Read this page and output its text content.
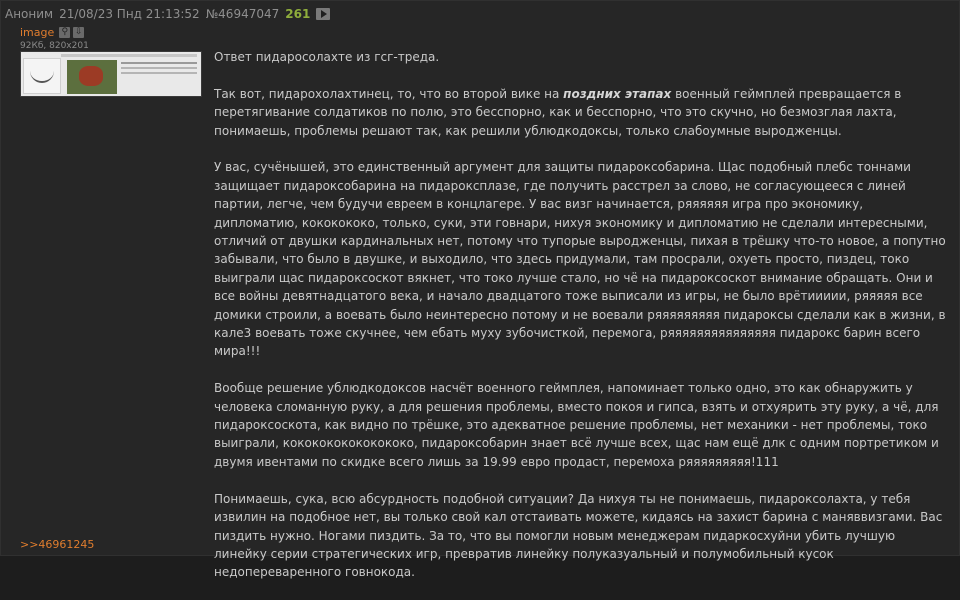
Аноним 21/08/23 Пнд 21:13:52 №46947047 261
image ⚲ ⇩
92Кб, 820x201

Ответ пидаросолахте из гсг-треда.

Так вот, пидарохолахтинец, то, что во второй вике на поздних этапах военный геймплей превращается в перетягивание солдатиков по полю, это бесспорно, как и бесспорно, что это скучно, но безмозглая лахта, понимаешь, проблемы решают так, как решили ублюдкодоксы, только слабоумные выродженцы.

У вас, сучёнышей, это единственный аргумент для защиты пидароксобарина. Щас подобный плебс тоннами защищает пидароксобарина на пидароксплазе, где получить расстрел за слово, не согласующееся с линей партии, легче, чем будучи евреем в концлагере. У вас визг начинается, ряяяяяя игра про экономику, дипломатию, кококококо, только, суки, эти говнари, нихуя экономику и дипломатию не сделали интересными, отличий от двушки кардинальных нет, потому что тупорые выродженцы, пихая в трёшку что-то новое, а попутно забывали, что было в двушке, и выходило, что здесь придумали, там просрали, охуеть просто, пиздец, токо выиграли щас пидароксоскот вякнет, что токо лучше стало, но чё на пидароксоскот внимание обращать. Они и все войны девятнадцатого века, и начало двадцатого тоже выписали из игры, не было врётиииии, ряяяяя все домики строили, а воевать было неинтересно потому и не воевали ряяяяяяяяя пидароксы сделали как в жизни, в кале3 воевать тоже скучнее, чем ебать муху зубочисткой, перемога, ряяяяяяяяяяяяяяя пидарокс барин всего мира!!!

Вообще решение ублюдкодоксов насчёт военного геймплея, напоминает только одно, это как обнаружить у человека сломанную руку, а для решения проблемы, вместо покоя и гипса, взять и отхуярить эту руку, а чё, для пидароксоскота, как видно по трёшке, это адекватное решение проблемы, нет механики - нет проблемы, токо выиграли, кококококококококо, пидароксобарин знает всё лучше всех, щас нам ещё длк с одним портретиком и двумя ивентами по скидке всего лишь за 19.99 евро продаст, перемоха ряяяяяяяяя!111

Понимаешь, сука, всю абсурдность подобной ситуации? Да нихуя ты не понимаешь, пидароксолахта, у тебя извилин на подобное нет, вы только свой кал отстаивать можете, кидаясь на захист барина с маняввизгами. Вас пиздить нужно. Ногами пиздить. За то, что вы помогли новым менеджерам пидаркосхуйни убить лучшую линейку серии стратегических игр, превратив линейку полуказуальный и полумобильный кусок недопереваренного говнокода.

>>46961245
